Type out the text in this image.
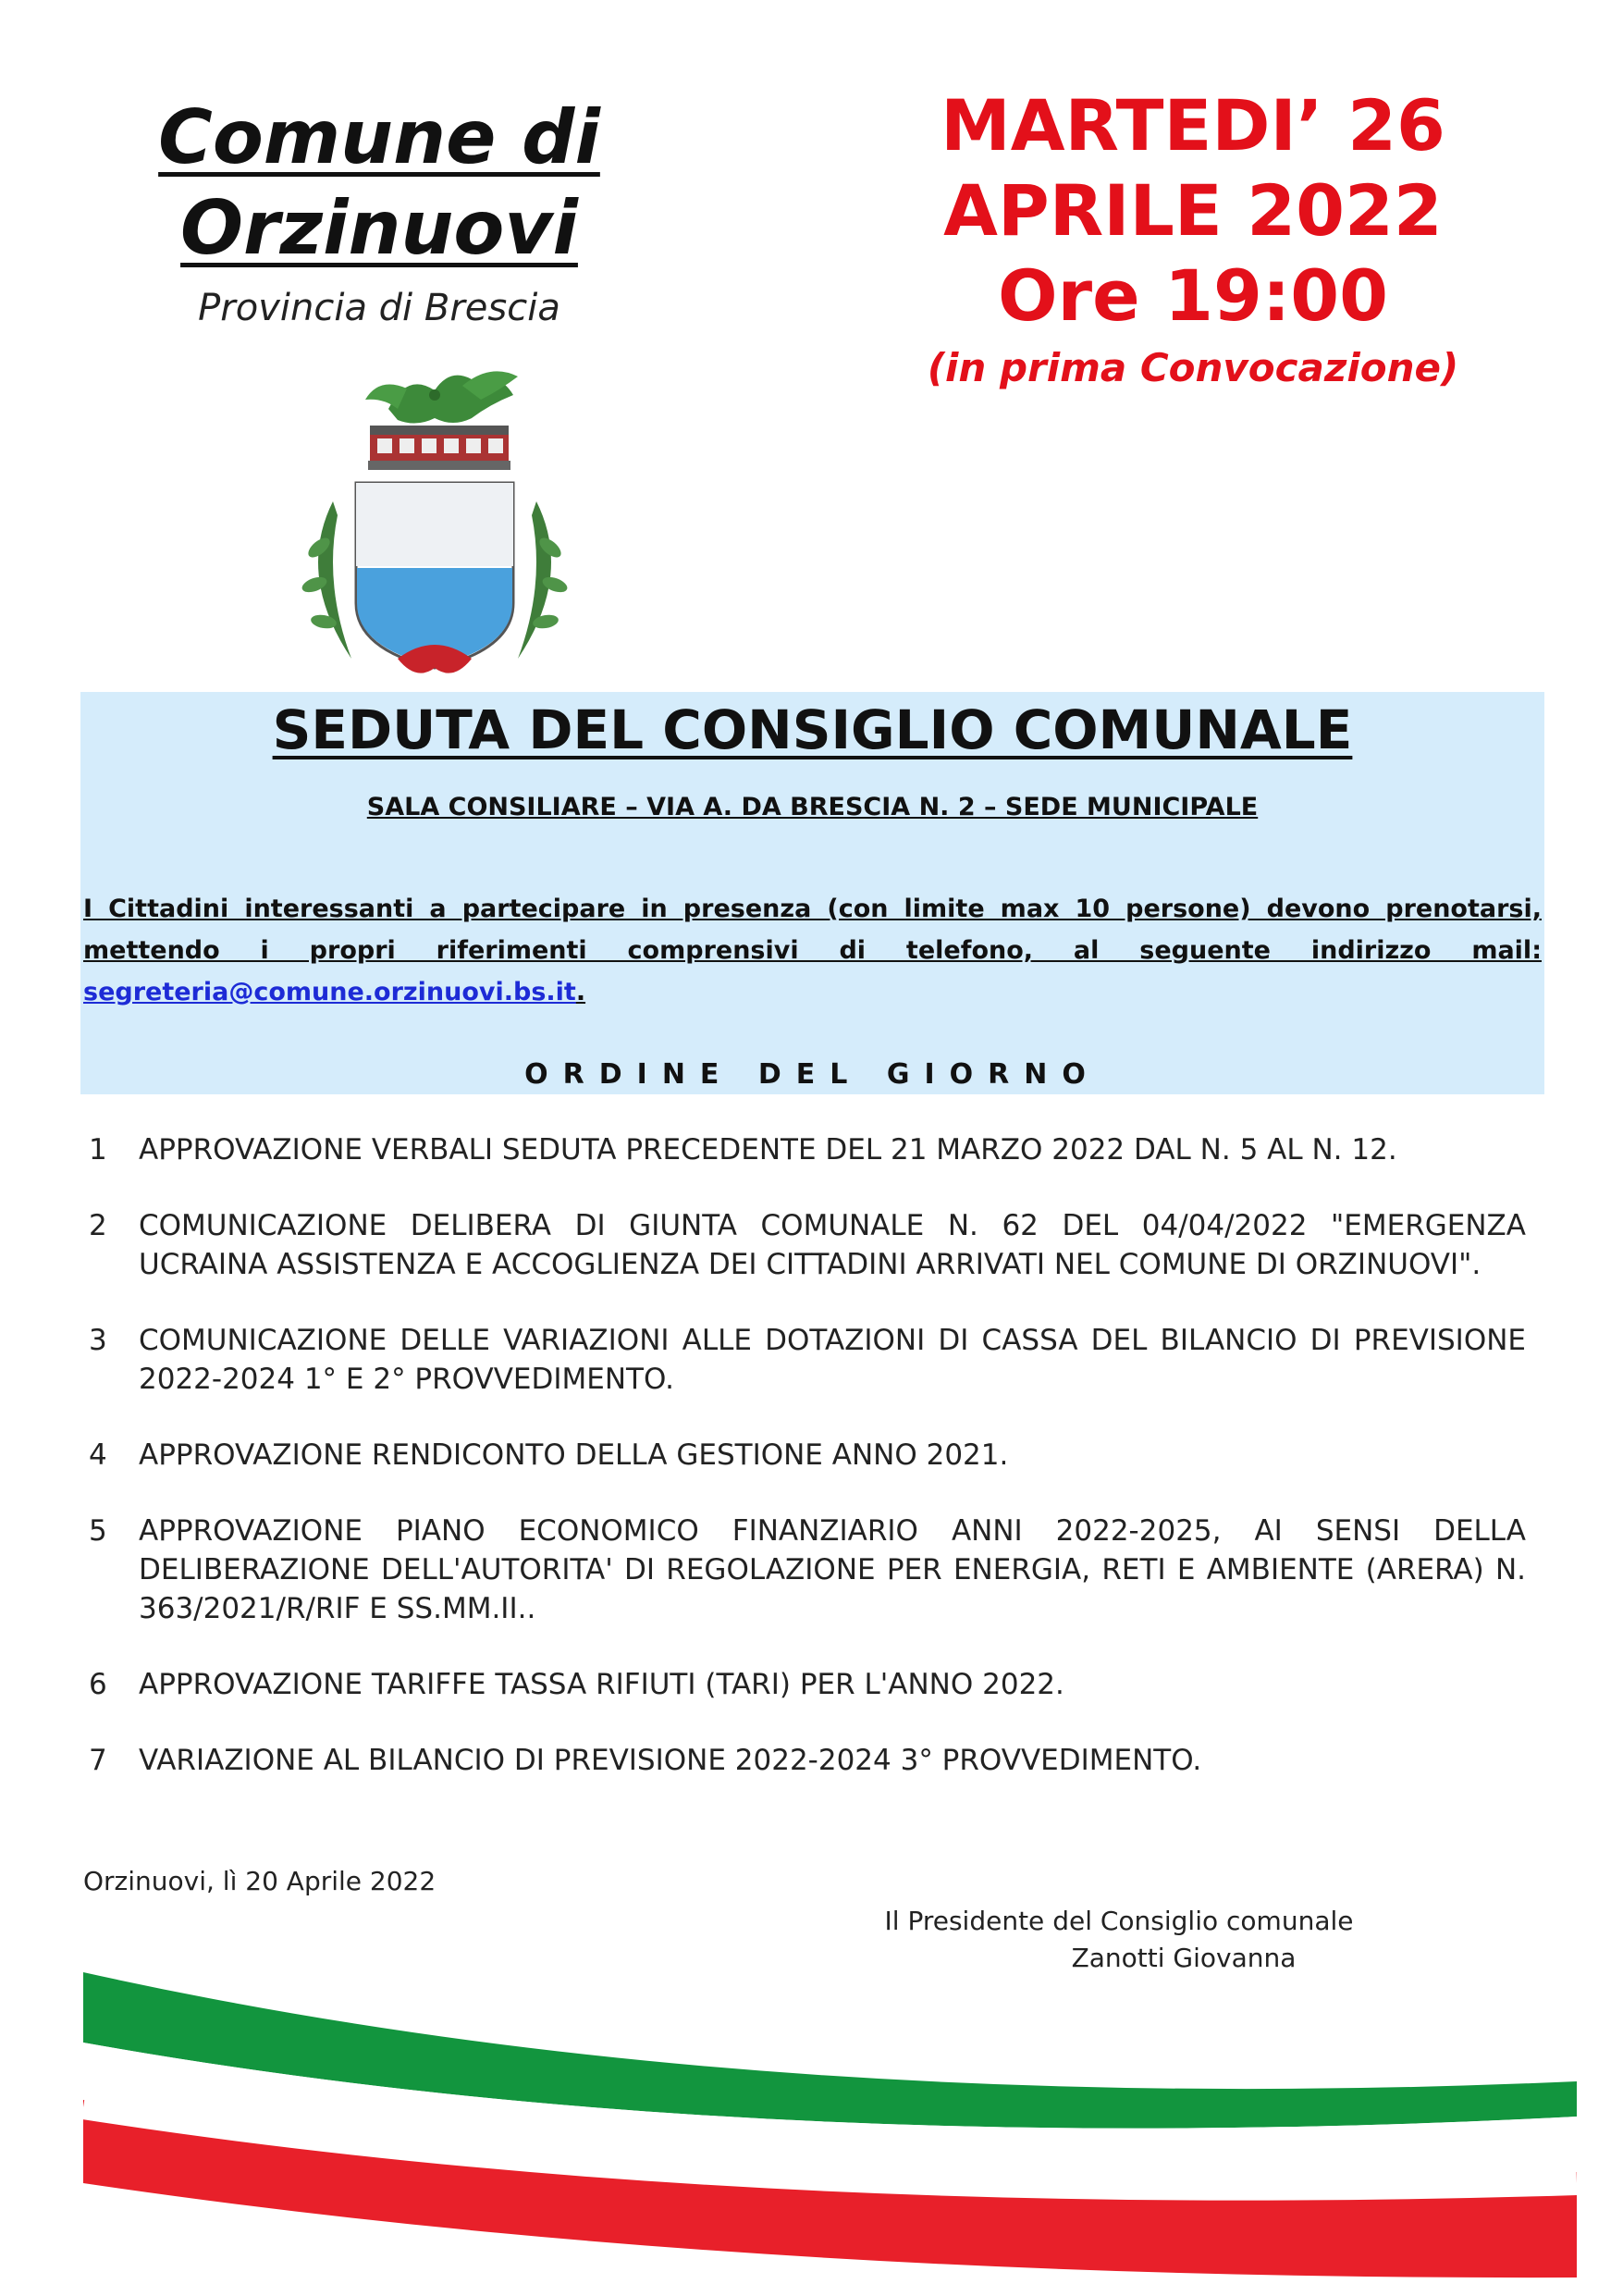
Comune di Orzinuovi
Provincia di Brescia
MARTEDI’ 26
APRILE 2022
Ore 19:00
(in prima Convocazione)
SEDUTA DEL CONSIGLIO COMUNALE
SALA CONSILIARE – VIA A. DA BRESCIA N. 2 – SEDE MUNICIPALE
I Cittadini interessanti a partecipare in presenza (con limite max 10 persone) devono prenotarsi, mettendo i propri riferimenti comprensivi di telefono, al seguente indirizzo mail: segreteria@comune.orzinuovi.bs.it.
ORDINE DEL GIORNO
1	APPROVAZIONE VERBALI SEDUTA PRECEDENTE DEL 21 MARZO 2022 DAL N. 5 AL N. 12.
2	COMUNICAZIONE DELIBERA DI GIUNTA COMUNALE N. 62 DEL 04/04/2022 "EMERGENZA UCRAINA ASSISTENZA E ACCOGLIENZA DEI CITTADINI ARRIVATI NEL COMUNE DI ORZINUOVI".
3	COMUNICAZIONE DELLE VARIAZIONI ALLE DOTAZIONI DI CASSA DEL BILANCIO DI PREVISIONE 2022-2024 1° E 2° PROVVEDIMENTO.
4	APPROVAZIONE RENDICONTO DELLA GESTIONE ANNO 2021.
5	APPROVAZIONE PIANO ECONOMICO FINANZIARIO ANNI 2022-2025, AI SENSI DELLA DELIBERAZIONE DELL'AUTORITA' DI REGOLAZIONE PER ENERGIA, RETI E AMBIENTE (ARERA) N. 363/2021/R/RIF E SS.MM.II..
6	APPROVAZIONE TARIFFE TASSA RIFIUTI (TARI) PER L'ANNO 2022.
7	VARIAZIONE AL BILANCIO DI PREVISIONE 2022-2024 3° PROVVEDIMENTO.
Orzinuovi, lì 20 Aprile 2022
Il Presidente del Consiglio comunale
Zanotti Giovanna
